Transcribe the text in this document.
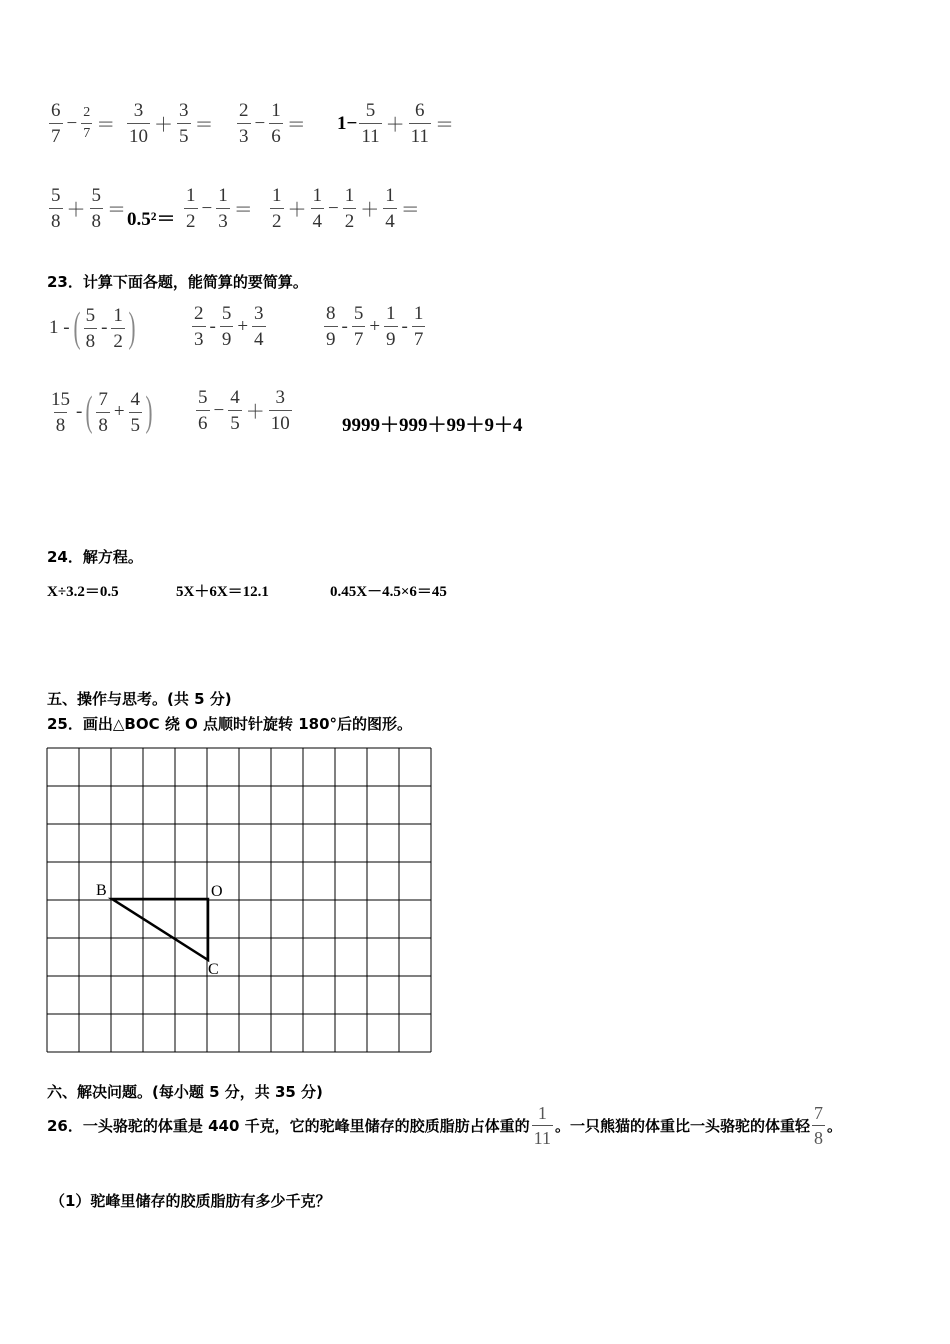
$\frac{6}{7} - \frac{2}{7} = \frac{3}{10} + \frac{3}{5} = \frac{2}{3} - \frac{1}{6} = 1- \frac{5}{11} + \frac{6}{11}$ ＝
$\frac{5}{8} + \frac{5}{8} = 0.5^2= \frac{1}{2} - \frac{1}{3} = \frac{1}{2} + \frac{1}{4} - \frac{1}{2} + \frac{1}{4}$ ＝
23．计算下面各题，能简算的要简算。
1 - ( $\frac{5}{8} - \frac{1}{2}$ )	$\frac{2}{3} - \frac{5}{9} + \frac{3}{4}$	$\frac{8}{9} - \frac{5}{7} + \frac{1}{9} - \frac{1}{7}$
$\frac{15}{8}$ - ( $\frac{7}{8} + \frac{4}{5}$ ) $\frac{5}{6} - \frac{4}{5} + \frac{3}{10}$	9999＋999＋99＋9＋4
24．解方程。
X÷3.2＝0.5	5X＋6X＝12.1	0.45X－4.5×6＝45
五、操作与思考。(共 5 分)
25．画出△BOC 绕 O 点顺时针旋转 180°后的图形。
B	O
C
六、解决问题。(每小题 5 分，共 35 分)
26．一头骆驼的体重是 440 千克，它的驼峰里储存的胶质脂肪占体重的 $\frac{1}{11}$ 。一只熊猫的体重比一头骆驼的体重轻 $\frac{7}{8}$ 。
（1）驼峰里储存的胶质脂肪有多少千克？
